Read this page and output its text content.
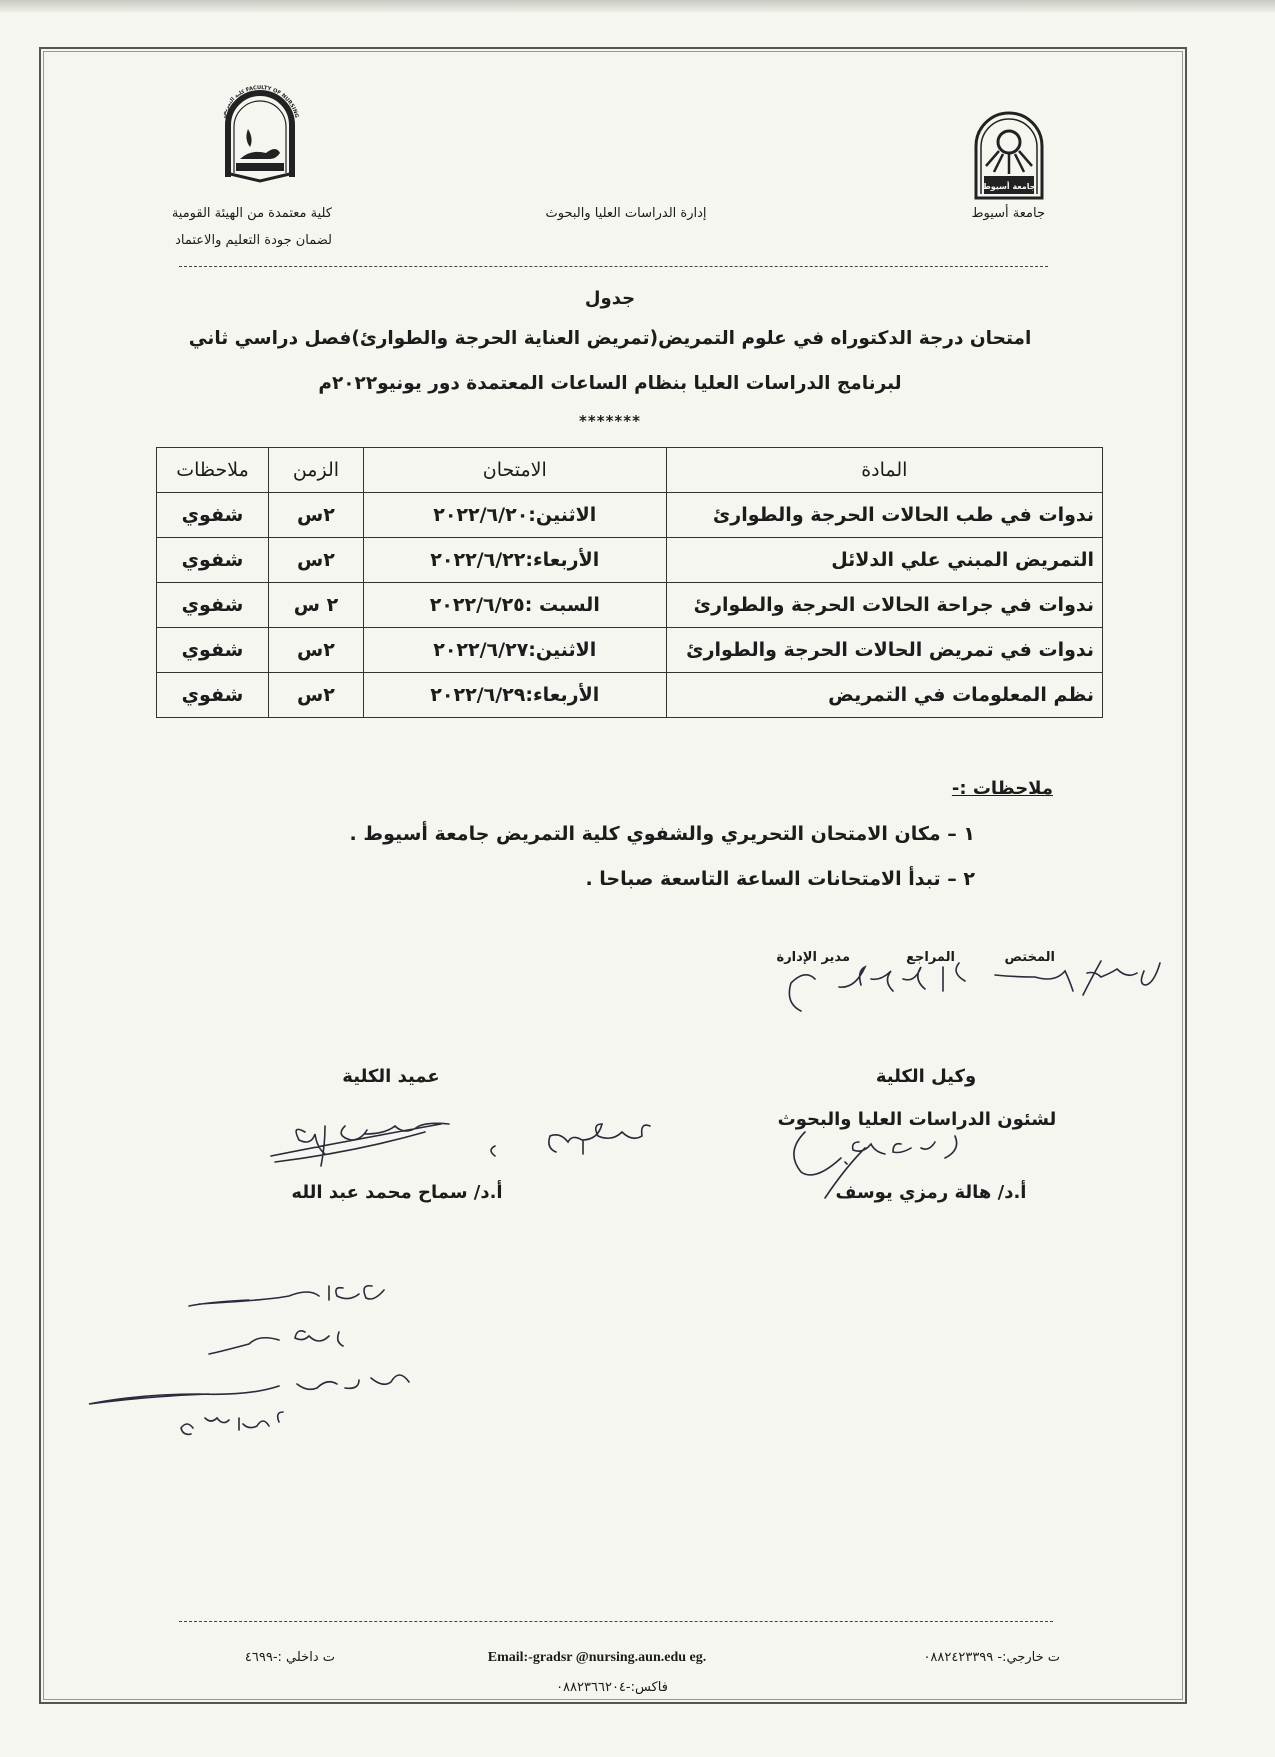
جامعة أسيوط
كلية التمريض FACULTY OF NURSING
جامعة أسيوط
إدارة الدراسات العليا والبحوث
كلية معتمدة من الهيئة القومية
لضمان جودة التعليم والاعتماد
جدول
امتحان درجة الدكتوراه في علوم التمريض(تمريض العناية الحرجة والطوارئ)فصل دراسي ثاني
لبرنامج الدراسات العليا بنظام الساعات المعتمدة دور يونيو٢٠٢٢م
*******
المادة	الامتحان	الزمن	ملاحظات
ندوات في طب الحالات الحرجة والطوارئ	الاثنين:٢٠٢٢/٦/٢٠	٢س	شفوي
التمريض المبني علي الدلائل	الأربعاء:٢٠٢٢/٦/٢٢	٢س	شفوي
ندوات في جراحة الحالات الحرجة والطوارئ	السبت :٢٠٢٢/٦/٢٥	٢ س	شفوي
ندوات في تمريض الحالات الحرجة والطوارئ	الاثنين:٢٠٢٢/٦/٢٧	٢س	شفوي
نظم المعلومات في التمريض	الأربعاء:٢٠٢٢/٦/٢٩	٢س	شفوي
ملاحظات :-
١ – مكان الامتحان التحريري والشفوي كلية التمريض جامعة أسيوط .
٢ – تبدأ الامتحانات الساعة التاسعة صباحا .
المختص
المراجع
مدير الإدارة
وكيل الكلية
لشئون الدراسات العليا والبحوث
أ.د/ هالة رمزي يوسف
عميد الكلية
أ.د/ سماح محمد عبد الله
ت خارجي:- ٠٨٨٢٤٢٣٣٩٩
Email:-gradsr @nursing.aun.edu eg.
ت داخلي :-٤٦٩٩
فاكس:-٠٨٨٢٣٦٦٢٠٤
